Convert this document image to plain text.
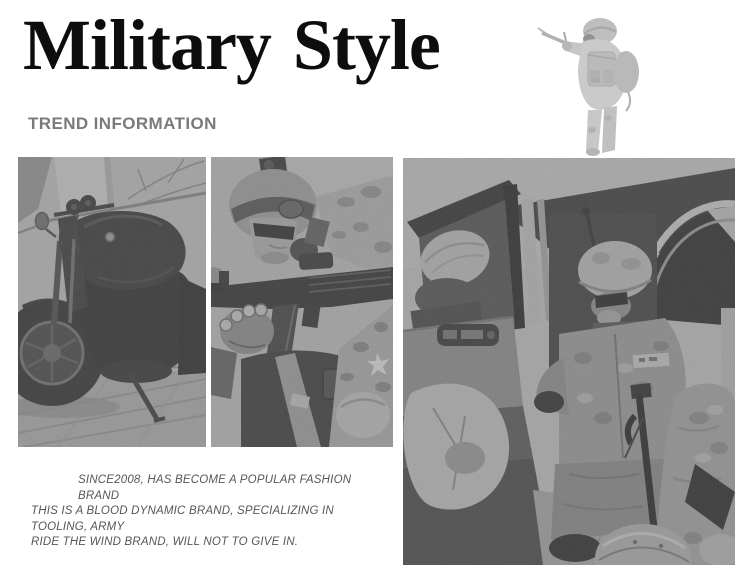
Military Style
TREND INFORMATION

SINCE2008, HAS BECOME A POPULAR FASHION BRAND
THIS IS A BLOOD DYNAMIC BRAND, SPECIALIZING IN TOOLING, ARMY
RIDE THE WIND BRAND, WILL NOT TO GIVE IN.
